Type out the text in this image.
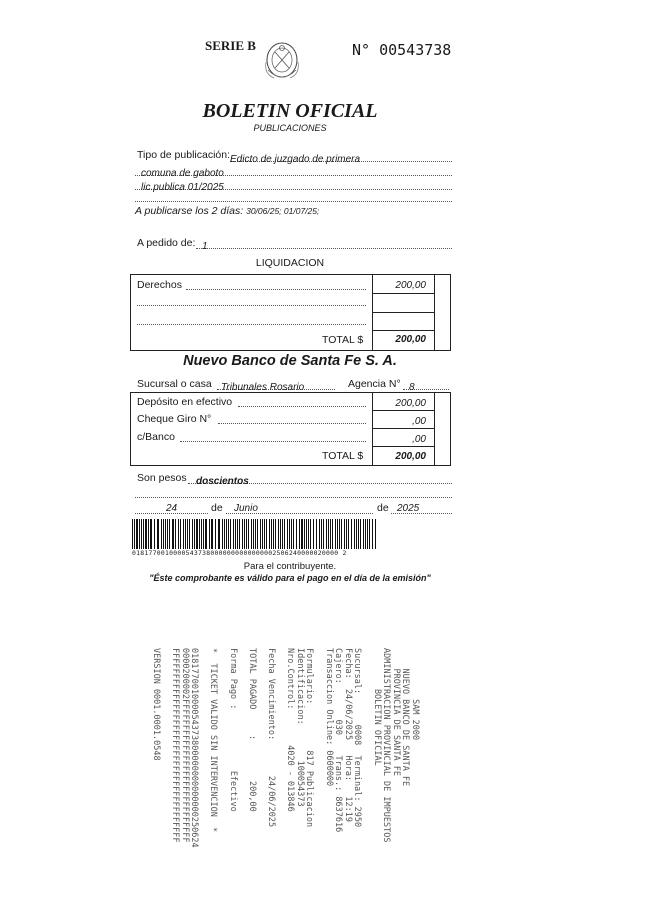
SERIE B	N° 00543738
BOLETIN OFICIAL
PUBLICACIONES
Tipo de publicación: Edicto de juzgado de primera
comuna de gaboto
lic.publica 01/2025
A publicarse los 2 días: 30/06/25; 01/07/25;
A pedido de: 1
LIQUIDACION
Derechos	200,00
TOTAL $	200,00
Nuevo Banco de Santa Fe S. A.
Sucursal o casa Tribunales Rosario	Agencia N° 8
Depósito en efectivo	200,00
Cheque Giro N°	,00
c/Banco	,00
TOTAL $	200,00
Son pesos doscientos
24	de	Junio	de 2025
01817700100005437380000000000000002506240000020000 2
Para el contribuyente.
"Éste comprobante es válido para el pago en el día de la emisión"
SAM 2000
NUEVO BANCO DE SANTA FE
PROVINCIA DE SANTA FE
ADMINISTRACION PROVINCIAL DE IMPUESTOS
BOLETIN OFICIAL
Sucursal:      0008  Terminal: 2950
Fecha:  24/06/2025   Hora:   12:19
Cajero:       030    Trans.: 8637616
Transaccion Online: 0600000
Formulario:         817 Publicacion
Identificacion:       100054373
Nro.Control:       4020 - 013846
Fecha Vencimiento:       24/06/2025
TOTAL PAGADO     :        200,00
Forma Pago :            Efectivo
*  TICKET VALIDO SIN INTERVENCION  *
018177001000054373800000000000000250624
0000200002FFFFFFFFFFFFFFFFFFFFFFFFFFFF
FFFFFFFFFFFFFFFFFFFFFFFFFFFFFFFFFFFFFF
VERSION 0001.0001.0548
